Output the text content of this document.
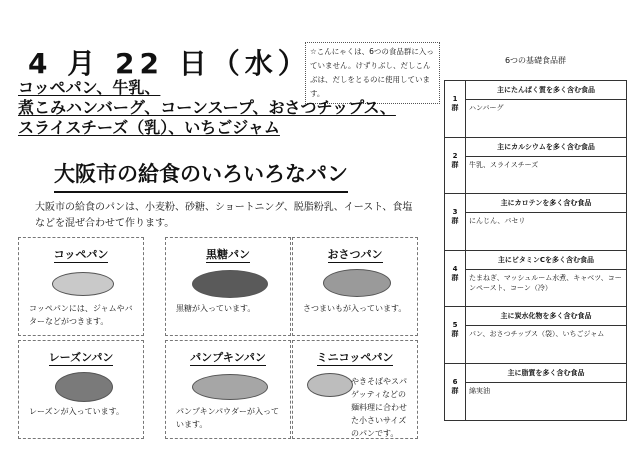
4 月 22 日（水） ☆こんにゃくは、6つの食品群に入っていません。けずりぶし、だしこんぶは、だしをとるのに使用しています。
コッペパン、牛乳、
煮こみハンバーグ、コーンスープ、おさつチップス、
スライスチーズ（乳）、いちごジャム
大阪市の給食のいろいろなパン
大阪市の給食のパンは、小麦粉、砂糖、ショートニング、脱脂粉乳、イースト、食塩などを混ぜ合わせて作ります。
コッペパン
コッペパンには、ジャムやバターなどがつきます。
黒糖パン
黒糖が入っています。
おさつパン
さつまいもが入っています。
レーズンパン
レーズンが入っています。
パンプキンパン
パンプキンパウダーが入っています。
ミニコッペパン
やきそばやスパゲッティなどの麺料理に合わせた小さいサイズのパンです。
6つの基礎食品群
1
群
主にたんぱく質を多く含む食品
ハンバーグ
2
群
主にカルシウムを多く含む食品
牛乳、スライスチーズ
3
群
主にカロテンを多く含む食品
にんじん、パセリ
4
群
主にビタミンCを多く含む食品
たまねぎ、マッシュルーム水煮、キャベツ、コーンペースト、コーン（冷）
5
群
主に炭水化物を多く含む食品
パン、おさつチップス（袋）、いちごジャム
6
群
主に脂質を多く含む食品
綿実油
